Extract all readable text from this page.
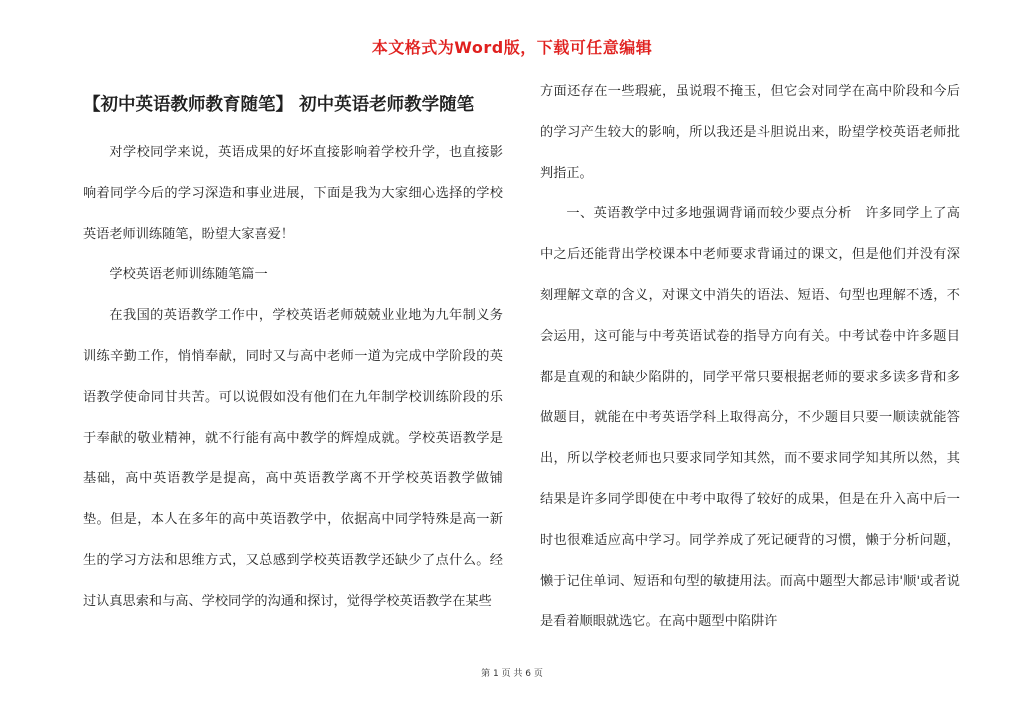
本文格式为Word版，下载可任意编辑
【初中英语教师教育随笔】 初中英语老师教学随笔

对学校同学来说，英语成果的好坏直接影响着学校升学，也直接影响着同学今后的学习深造和事业进展，下面是我为大家细心选择的学校英语老师训练随笔，盼望大家喜爱！

学校英语老师训练随笔篇一

在我国的英语教学工作中，学校英语老师兢兢业业地为九年制义务训练辛勤工作，悄悄奉献，同时又与高中老师一道为完成中学阶段的英语教学使命同甘共苦。可以说假如没有他们在九年制学校训练阶段的乐于奉献的敬业精神，就不行能有高中教学的辉煌成就。学校英语教学是基础，高中英语教学是提高，高中英语教学离不开学校英语教学做铺垫。但是，本人在多年的高中英语教学中，依据高中同学特殊是高一新生的学习方法和思维方式，又总感到学校英语教学还缺少了点什么。经过认真思索和与高、学校同学的沟通和探讨，觉得学校英语教学在某些

方面还存在一些瑕疵，虽说瑕不掩玉，但它会对同学在高中阶段和今后的学习产生较大的影响，所以我还是斗胆说出来，盼望学校英语老师批判指正。

一、英语教学中过多地强调背诵而较少要点分析　许多同学上了高中之后还能背出学校课本中老师要求背诵过的课文，但是他们并没有深刻理解文章的含义，对课文中消失的语法、短语、句型也理解不透，不会运用，这可能与中考英语试卷的指导方向有关。中考试卷中许多题目都是直观的和缺少陷阱的，同学平常只要根据老师的要求多读多背和多做题目，就能在中考英语学科上取得高分，不少题目只要一顺读就能答出，所以学校老师也只要求同学知其然，而不要求同学知其所以然，其结果是许多同学即使在中考中取得了较好的成果，但是在升入高中后一时也很难适应高中学习。同学养成了死记硬背的习惯，懒于分析问题，懒于记住单词、短语和句型的敏捷用法。而高中题型大都忌讳'顺'或者说是看着顺眼就选它。在高中题型中陷阱许

第 1 页 共 6 页
